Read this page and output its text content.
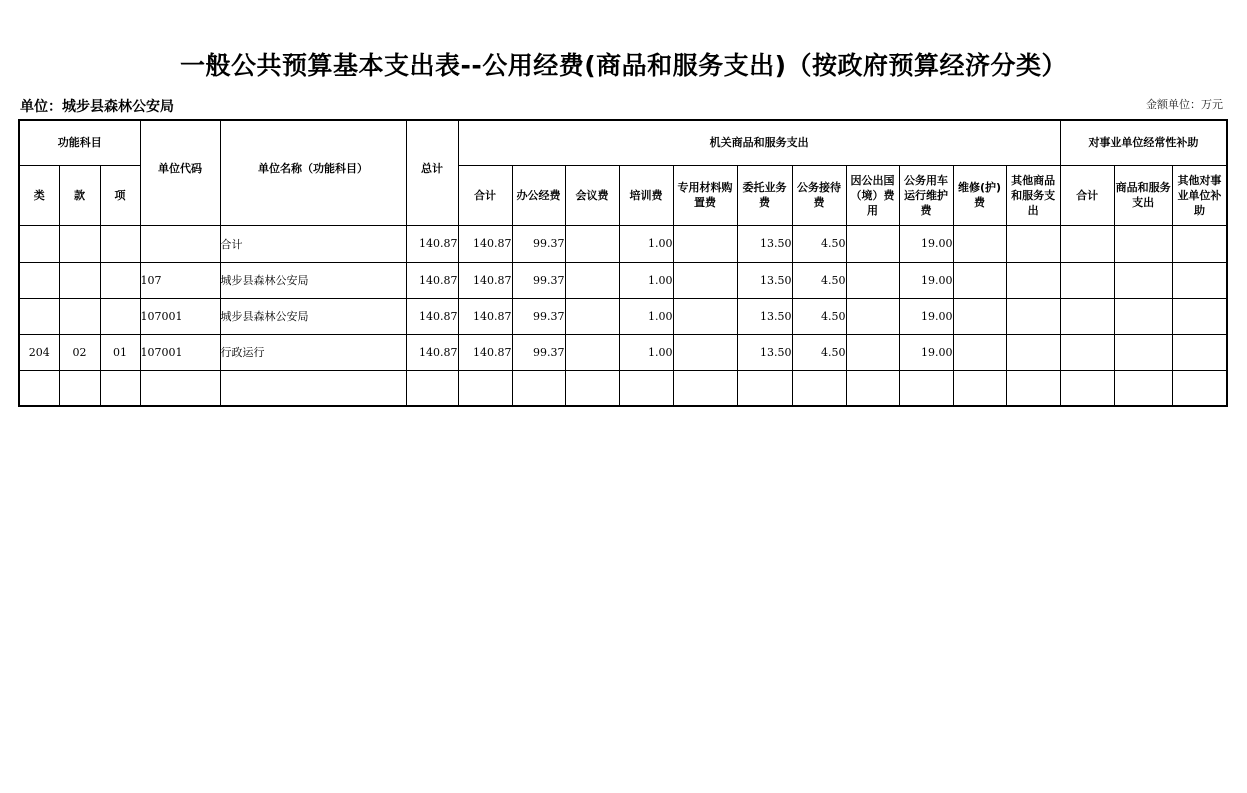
一般公共预算基本支出表--公用经费(商品和服务支出)（按政府预算经济分类）
单位：城步县森林公安局	金额单位：万元
功能科目			单位代码	单位名称（功能科目）	总计	机关商品和服务支出											对事业单位经常性补助		
类	款	项				合计	办公经费	会议费	培训费	专用材料购置费	委托业务费	公务接待费	因公出国（境）费用	公务用车运行维护费	维修(护)费	其他商品和服务支出	合计	商品和服务支出	其他对事业单位补助
				合计	140.87	140.87	99.37		1.00		13.50	4.50		19.00					
			107	城步县森林公安局	140.87	140.87	99.37		1.00		13.50	4.50		19.00					
			107001	城步县森林公安局	140.87	140.87	99.37		1.00		13.50	4.50		19.00					
204	02	01	107001	行政运行	140.87	140.87	99.37		1.00		13.50	4.50		19.00					
